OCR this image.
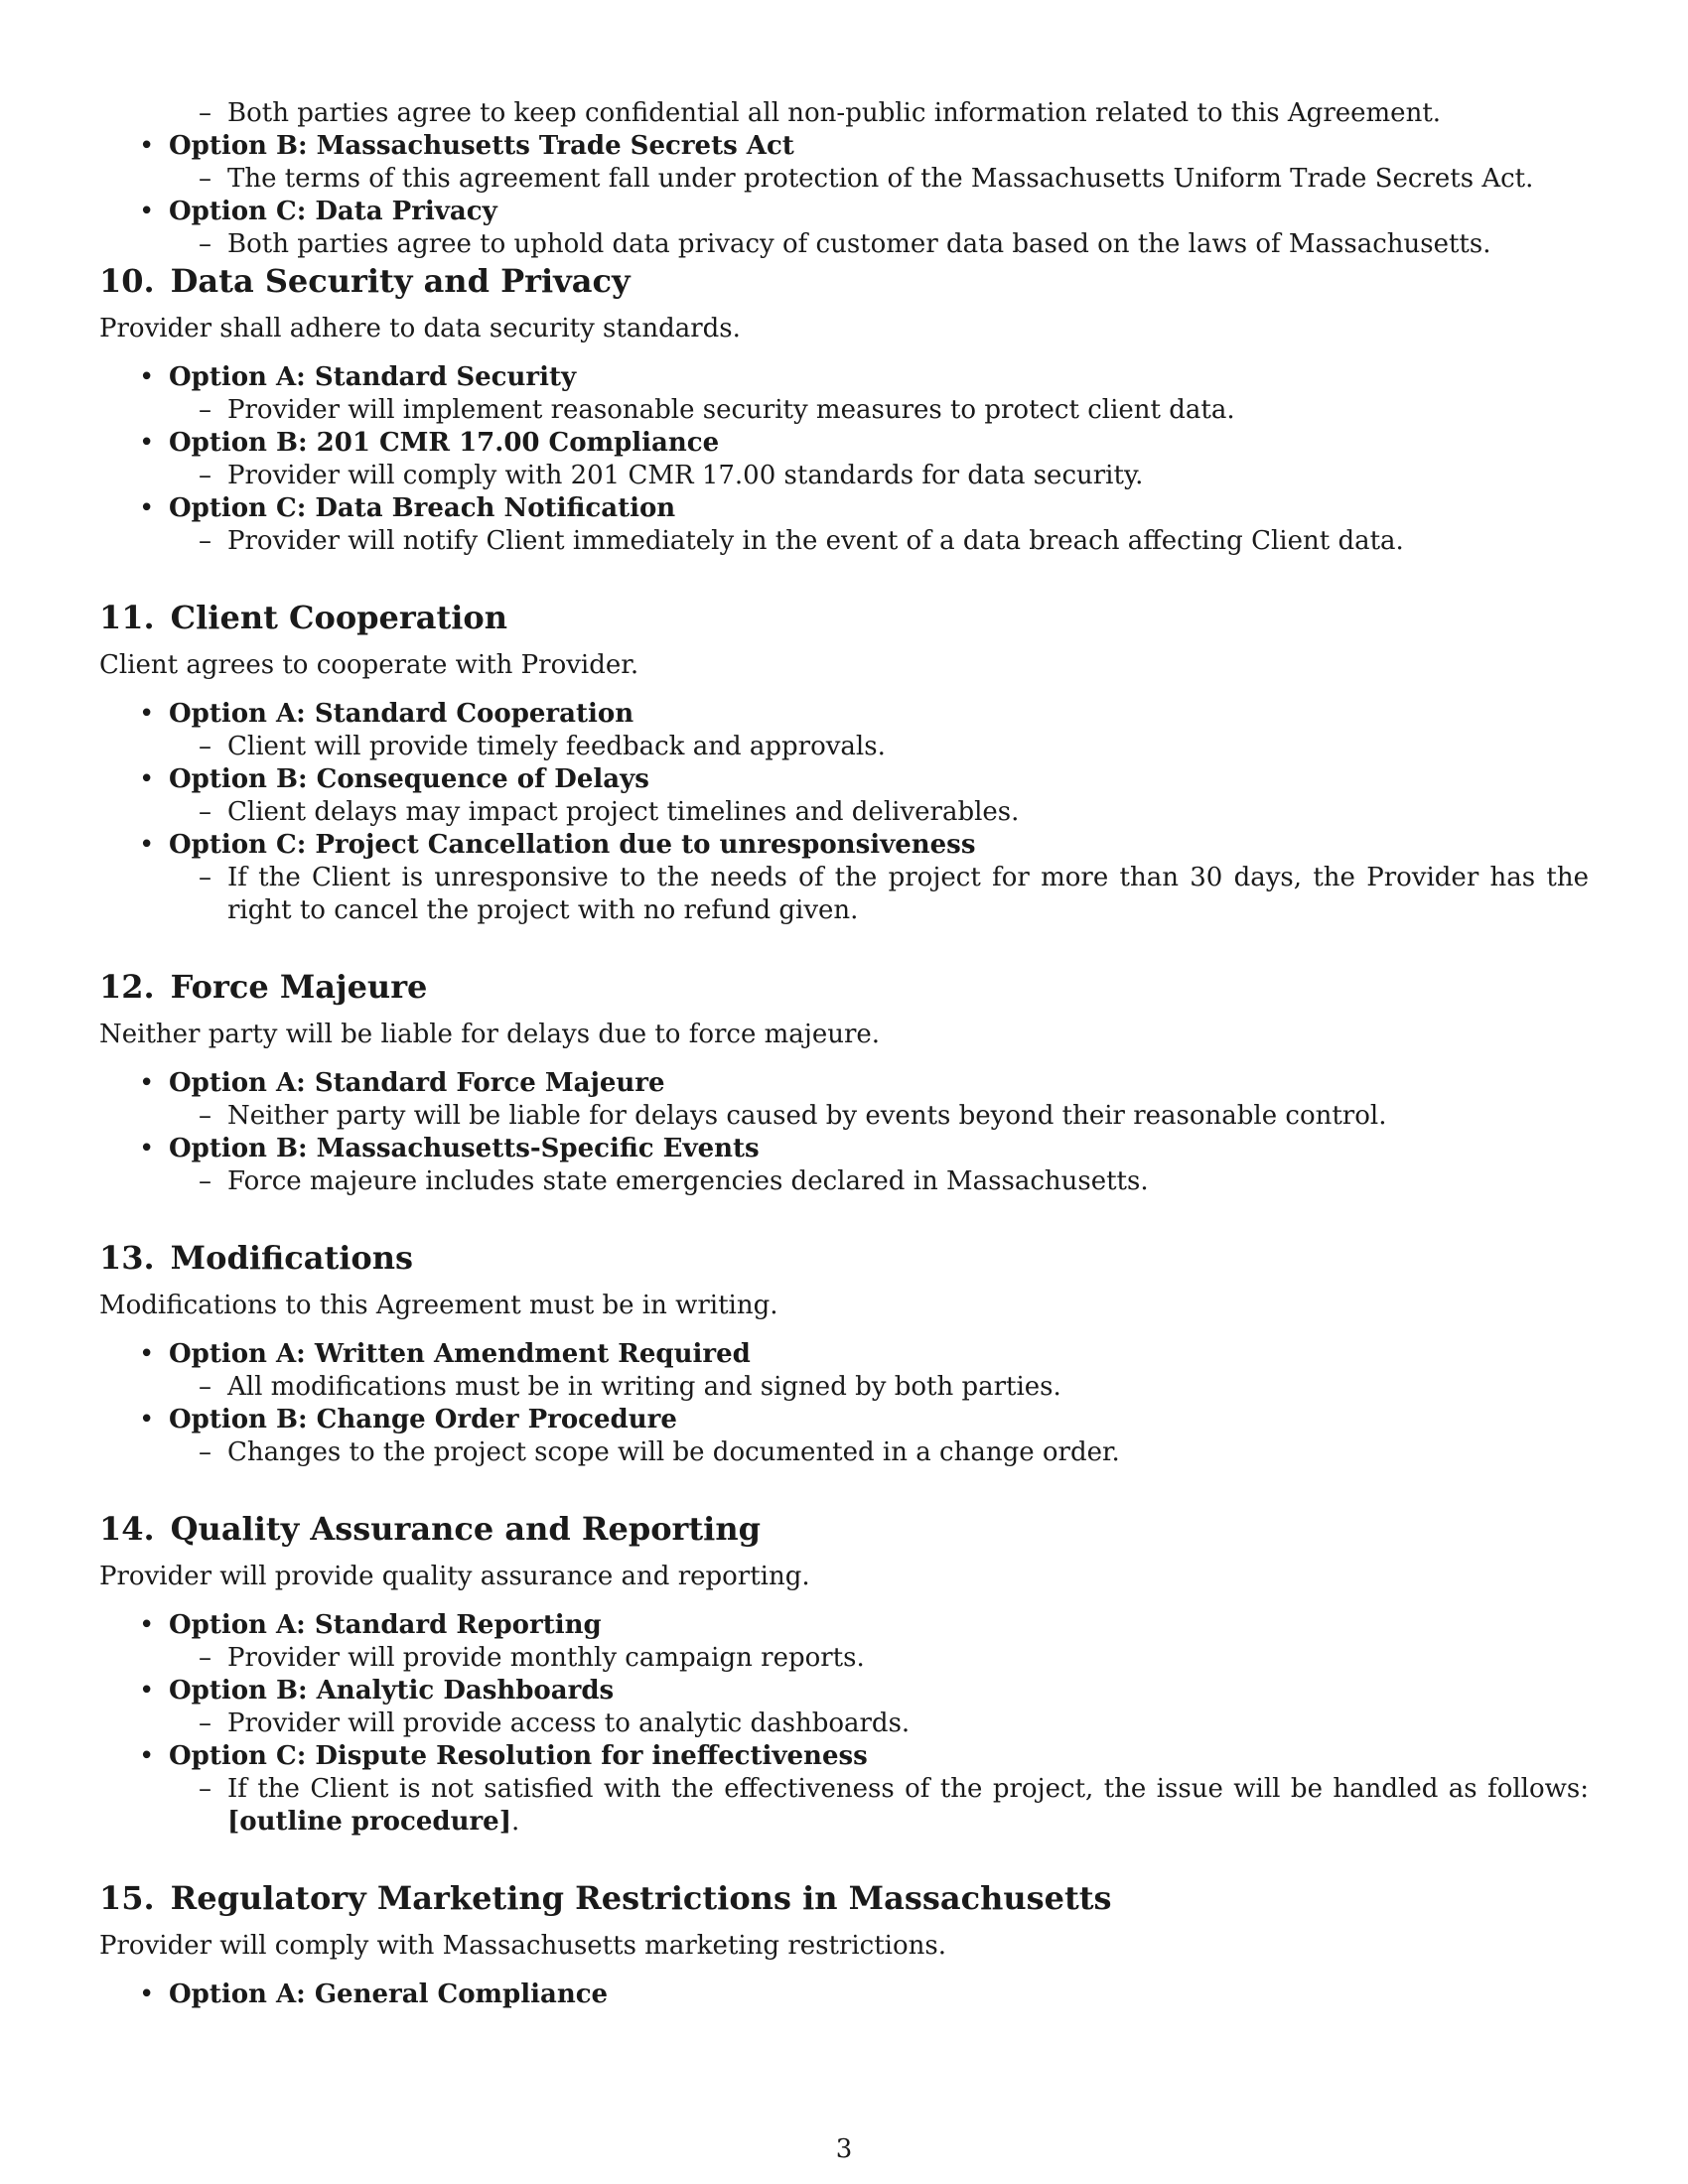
– Both parties agree to keep confidential all non-public information related to this Agreement.
• Option B: Massachusetts Trade Secrets Act
– The terms of this agreement fall under protection of the Massachusetts Uniform Trade Secrets Act.
• Option C: Data Privacy
– Both parties agree to uphold data privacy of customer data based on the laws of Massachusetts.
10. Data Security and Privacy

Provider shall adhere to data security standards.

• Option A: Standard Security
– Provider will implement reasonable security measures to protect client data.
• Option B: 201 CMR 17.00 Compliance
– Provider will comply with 201 CMR 17.00 standards for data security.
• Option C: Data Breach Notification
– Provider will notify Client immediately in the event of a data breach affecting Client data.
11. Client Cooperation

Client agrees to cooperate with Provider.

• Option A: Standard Cooperation
– Client will provide timely feedback and approvals.
• Option B: Consequence of Delays
– Client delays may impact project timelines and deliverables.
• Option C: Project Cancellation due to unresponsiveness
– If the Client is unresponsive to the needs of the project for more than 30 days, the Provider has the right to cancel the project with no refund given.
12. Force Majeure

Neither party will be liable for delays due to force majeure.

• Option A: Standard Force Majeure
– Neither party will be liable for delays caused by events beyond their reasonable control.
• Option B: Massachusetts-Specific Events
– Force majeure includes state emergencies declared in Massachusetts.
13. Modifications

Modifications to this Agreement must be in writing.

• Option A: Written Amendment Required
– All modifications must be in writing and signed by both parties.
• Option B: Change Order Procedure
– Changes to the project scope will be documented in a change order.
14. Quality Assurance and Reporting

Provider will provide quality assurance and reporting.

• Option A: Standard Reporting
– Provider will provide monthly campaign reports.
• Option B: Analytic Dashboards
– Provider will provide access to analytic dashboards.
• Option C: Dispute Resolution for ineffectiveness
– If the Client is not satisfied with the effectiveness of the project, the issue will be handled as follows: [outline procedure].
15. Regulatory Marketing Restrictions in Massachusetts

Provider will comply with Massachusetts marketing restrictions.

• Option A: General Compliance
3
